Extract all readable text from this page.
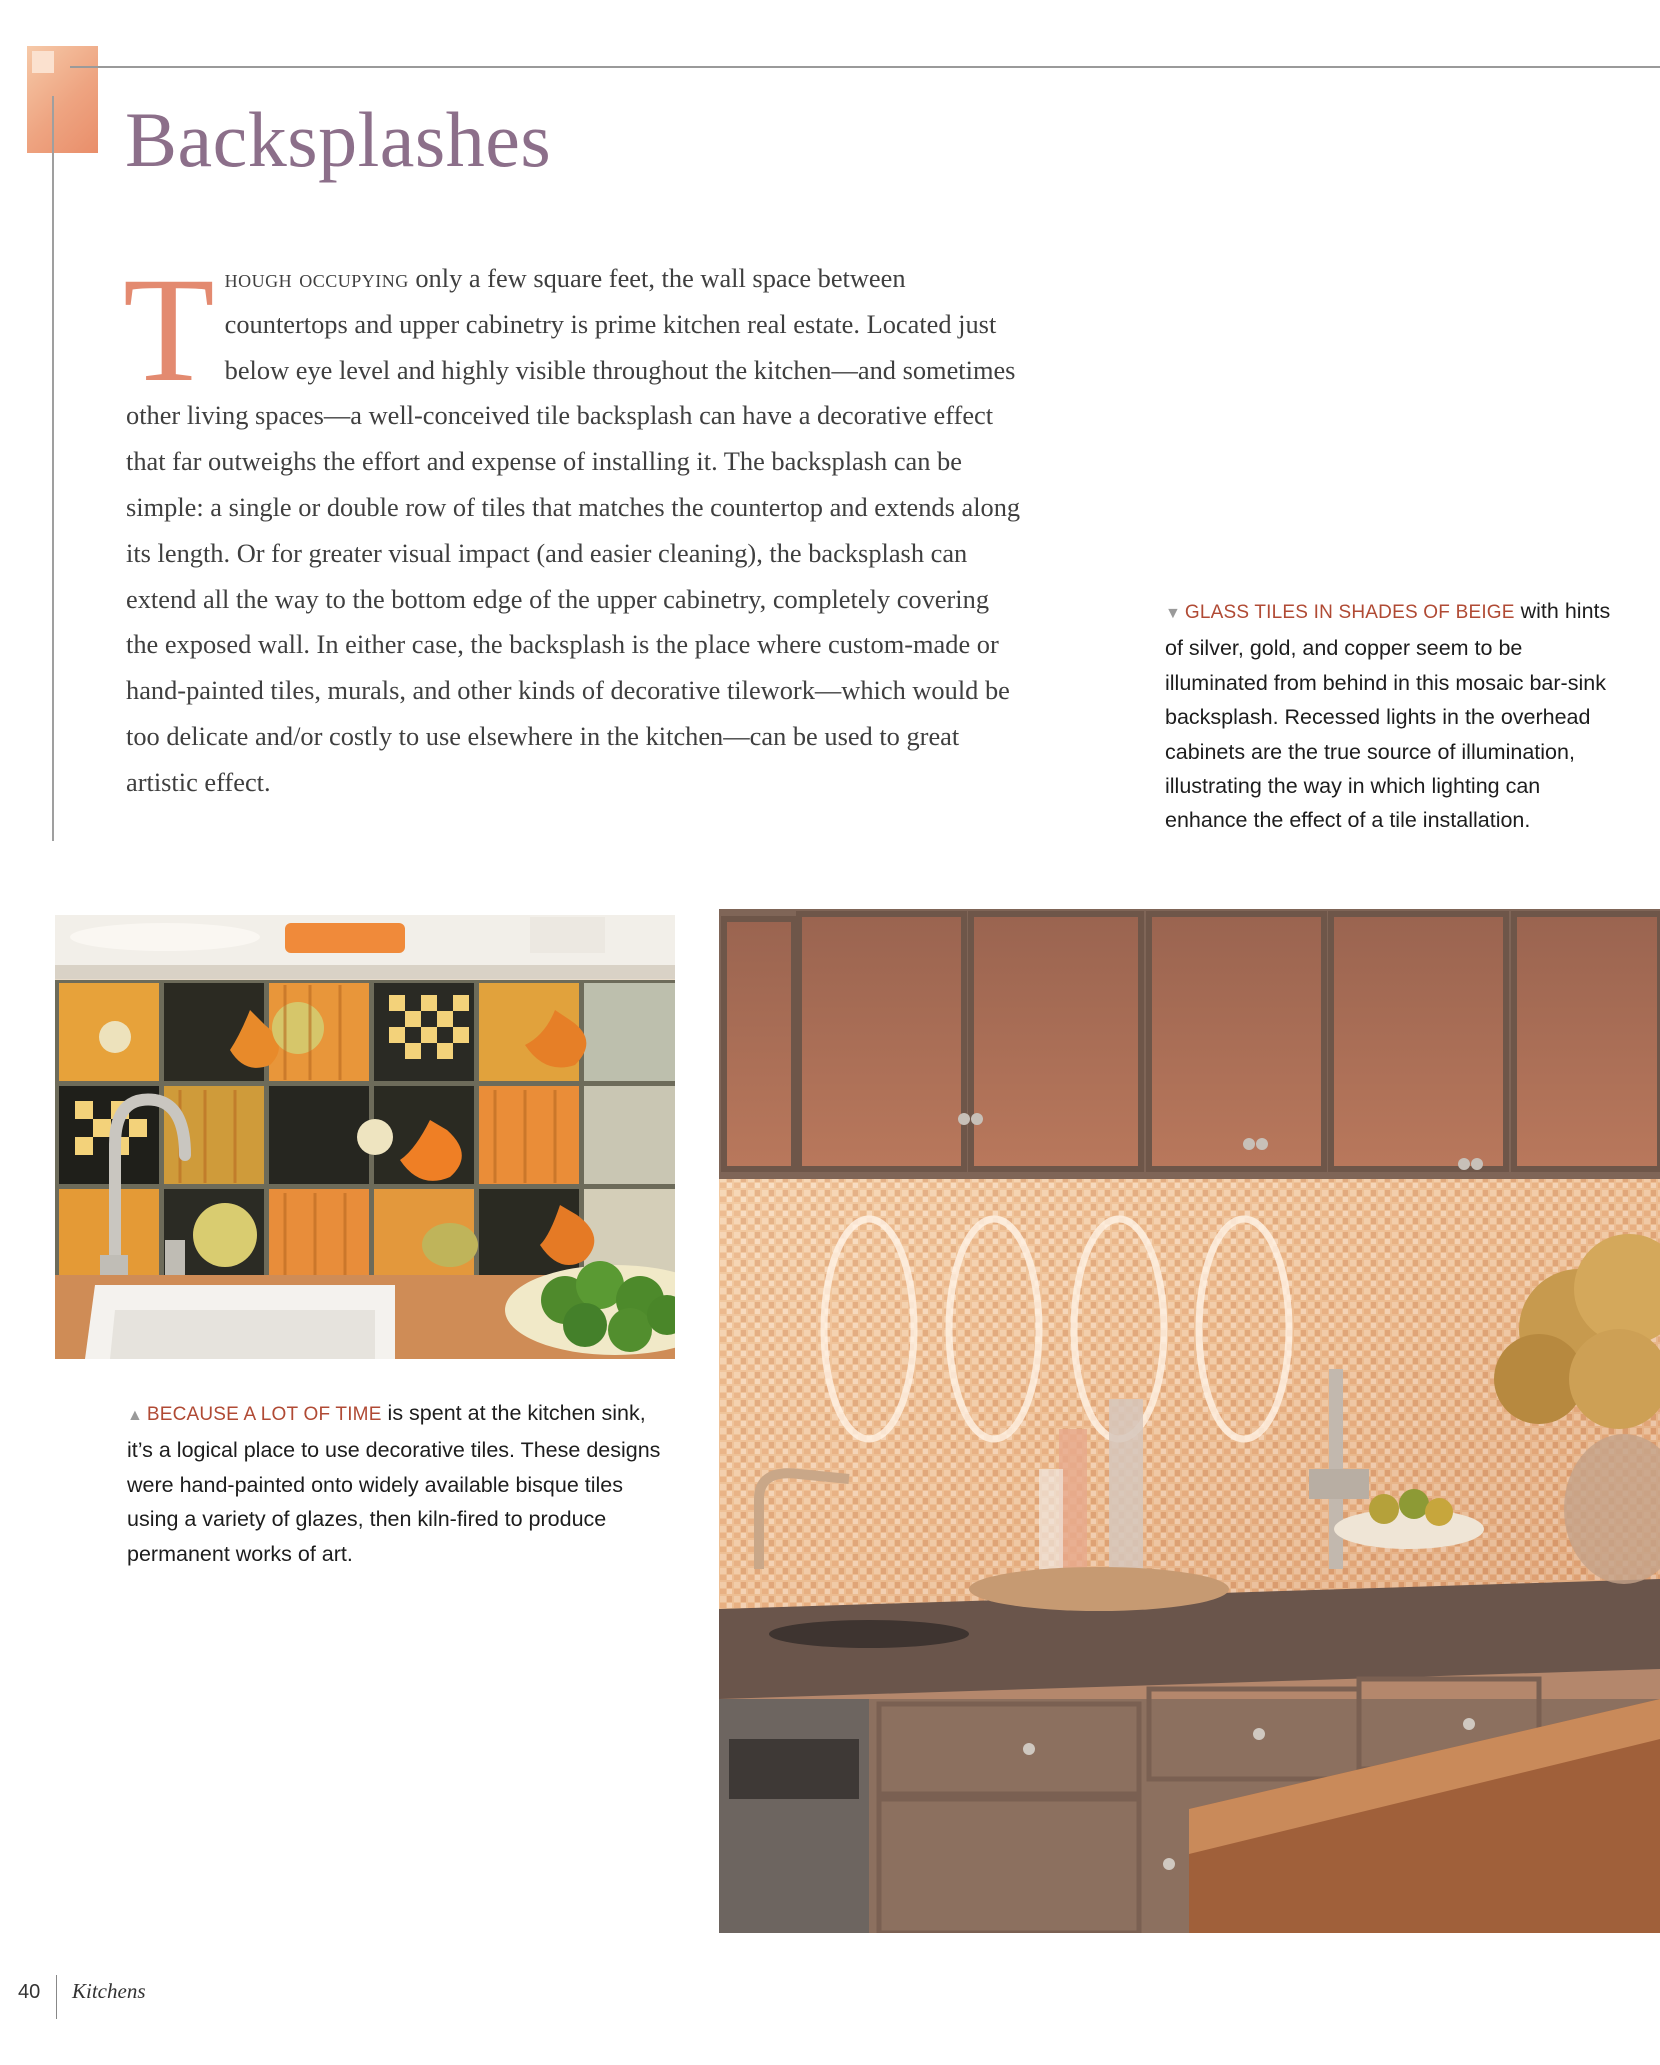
Backsplashes
Though occupying only a few square feet, the wall space between countertops and upper cabinetry is prime kitchen real estate. Located just below eye level and highly visible throughout the kitchen—and sometimes other living spaces—a well-conceived tile backsplash can have a decorative effect that far outweighs the effort and expense of installing it. The backsplash can be simple: a single or double row of tiles that matches the countertop and extends along its length. Or for greater visual impact (and easier cleaning), the backsplash can extend all the way to the bottom edge of the upper cabinetry, completely covering the exposed wall. In either case, the backsplash is the place where custom-made or hand-painted tiles, murals, and other kinds of decorative tilework—which would be too delicate and/or costly to use elsewhere in the kitchen—can be used to great artistic effect.
▼ GLASS TILES IN SHADES OF BEIGE with hints of silver, gold, and copper seem to be illuminated from behind in this mosaic bar-sink backsplash. Recessed lights in the overhead cabinets are the true source of illumination, illustrating the way in which lighting can enhance the effect of a tile installation.
▲ BECAUSE A LOT OF TIME is spent at the kitchen sink, it’s a logical place to use decorative tiles. These designs were hand-painted onto widely available bisque tiles using a variety of glazes, then kiln-fired to produce permanent works of art.
40 Kitchens
